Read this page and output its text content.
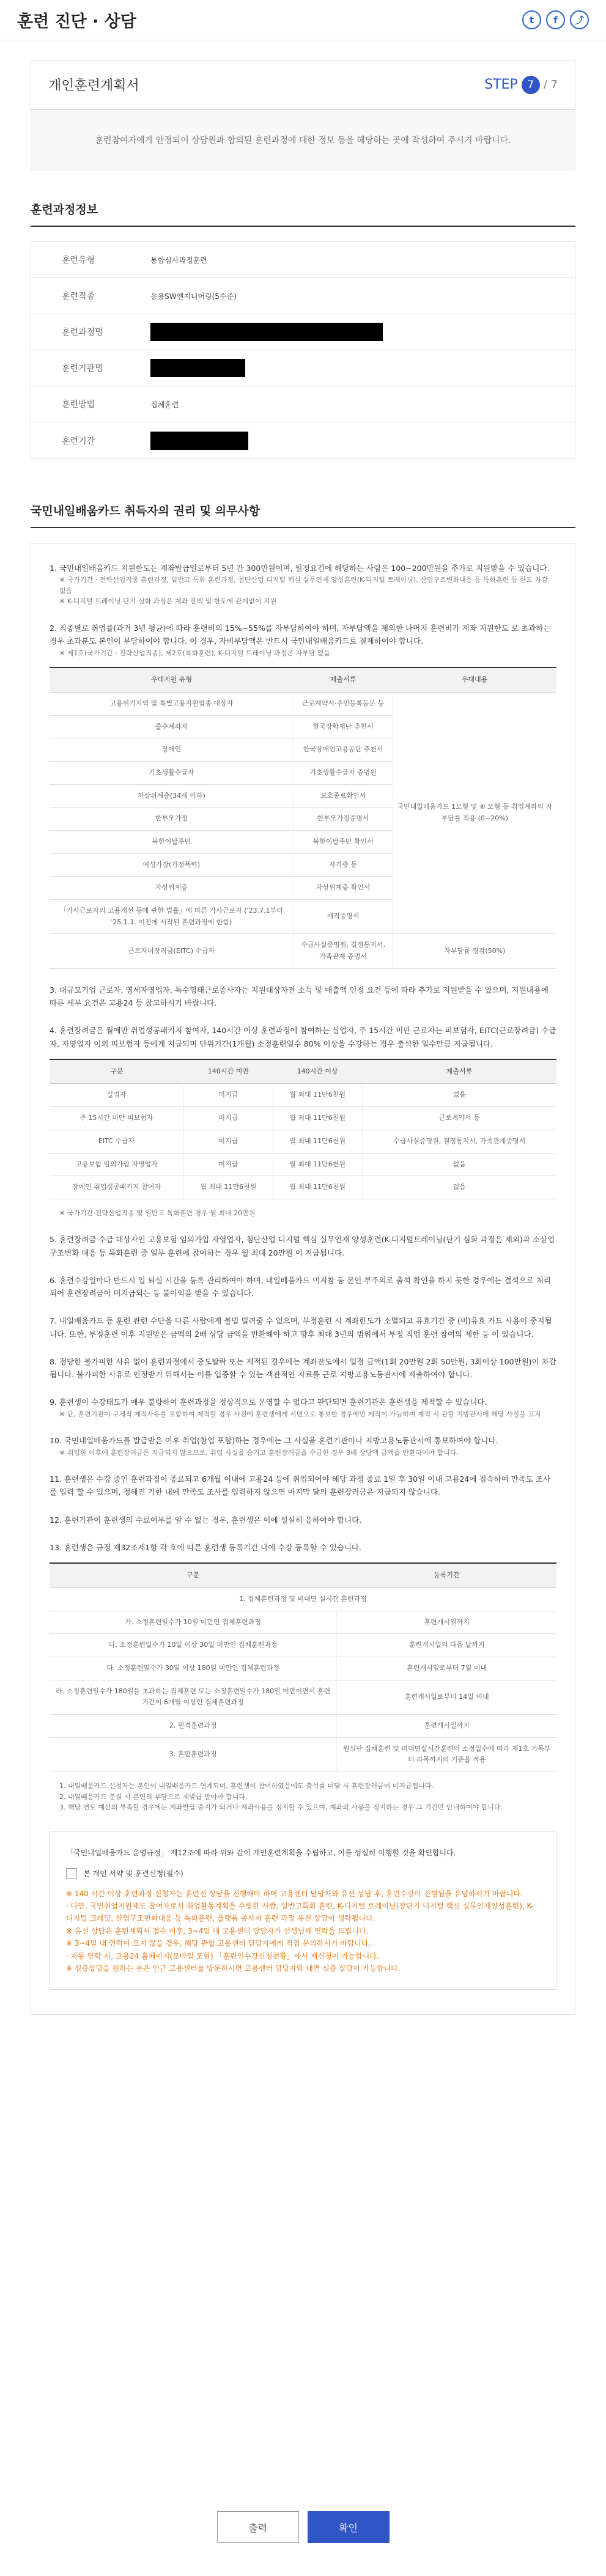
훈련 진단 · 상담	t	f	⤴
개인훈련계획서	STEP 7 / 7
훈련참여자에게 안정되어 상담원과 합의된 훈련과정에 대한 정보 등을 해당하는 곳에 작성하여 주시기 바랍니다.
훈련과정정보
훈련유형	통합심사과정훈련
훈련직종	응용SW엔지니어링(5수준)
훈련과정명
훈련기관명
훈련방법	집체훈련
훈련기간
국민내일배움카드 취득자의 권리 및 의무사항
1. 국민내일배움카드 지원한도는 계좌발급일로부터 5년 간 300만원이며, 일정요건에 해당하는 사람은 100~200만원을 추가로 지원받을 수 있습니다.
※ 국가기간 · 전략산업직종 훈련과정, 일반고 특화 훈련과정, 첨단산업 디지털 핵심 실무인재 양성훈련(K-디지털 트레이닝), 산업구조변화대응 등 특화훈련 등 한도 차감 없음
※ K-디지털 트레이닝 단기 심화 과정은 계좌 잔액 및 한도에 관계없이 지원
2. 직종별로 취업률(과거 3년 평균)에 따라 훈련비의 15%~55%를 자부담하여야 하며, 자부담액을 제외한 나머지 훈련비가 계좌 지원한도 로 초과하는 경우 초과분도 본인이 부담하여야 합니다. 이 경우, 자비부담액은 반드시 국민내일배움카드로 결제하여야 합니다.
※ 제1호(국가기간 · 전략산업직종), 제2호(특화훈련), K-디지털 트레이닝 과정은 자부담 없음
우대지원 유형	제출서류	우대내용
고용위기지역 및 특별고용지원업종 대상자	근로계약서·주민등록등본 등	국민내일배움카드 1모형 및 ④ 모형 등 취업계좌의 자부담률 적용 (0~20%)
졸수계좌자	한국장학재단 추천서	
장애인	한국장애인고용공단 추천서	
기초생활수급자	기초생활수급자 증명원	
차상위계층(34세 이하)	보호종료확인서	
한부모가정	한부모가정증명서	
북한이탈주민	북한이탈주민 확인서	
여성가장(가정폭력)	자격증 등	
자상위계층	자상위계층 확인서	
「가사근로자의 고용개선 등에 관한 법률」에 따른 가사근로자 ('23.7.1부터 '25.1.1. 이전에 시작된 훈련과정에 한함)	재직증명서	
근로자녀장려금(EITC) 수급자	수급사실증명원, 결정통지서, 가족관계 증명서	자부담률 경감(50%)
3. 대규모기업 근로자, 영세자영업자, 특수형태근로종사자는 지원대상자전 소득 및 매출액 인정 요건 등에 따라 추가로 지원받을 수 있으며, 지원내용에 따른 세부 요건은 고용24 등 참고하시기 바랍니다.
4. 훈련장려금은 월에만 취업성공패키지 참여자, 140시간 이상 훈련과정에 참여하는 실업자, 주 15시간 미만 근로자는 피보험자, EITC(근로장려금) 수급자, 자영업자 이외 피보험자 등에게 지급되며 단위기간(1개월) 소정훈련일수 80% 이상을 수강하는 경우 출석한 일수만큼 지급됩니다.
구분	140시간 미만	140시간 이상	제출서류
실업자	미지급	월 최대 11만6천원	없음
주 15시간 미만 피보험자	미지급	월 최대 11만6천원	근로계약서 등
EITC 수급자	미지급	월 최대 11만6천원	수급사실증명원, 결정통지서, 가족관계증명서
고용보험 임의가입 자영업자	미지급	월 최대 11만6천원	없음
장애인 취업성공패키지 참여자	월 최대 11만6천원	월 최대 11만6천원	없음
※ 국가기간·전략산업직종 및 일반고 특화훈련 경우 월 최대 20만원
5. 훈련장려금 수급 대상자인 고용보험 임의가입 자영업자, 첨단산업 디지털 핵심 실무인재 양성훈련(K-디지털트레이닝(단기 심화 과정은 제외)과 소상업구조변화 대응 등 특화훈련 중 일부 훈련에 참여하는 경우 월 최대 20만원 이 지급됩니다.
6. 훈련수강일마다 반드시 입 퇴실 시간을 등록 관리하여야 하며, 내일배움카드 미지참 등 본인 부주의로 출석 확인을 하지 못한 경우에는 결석으로 처리되어 훈련장려금이 미지급되는 등 불이익을 받을 수 있습니다.
7. 내일배움카드 등 훈련 관련 수단을 다른 사람에게 불법 빌려줄 수 없으며, 부정훈련 시 계좌한도가 소멸되고 유효기간 중 (비)유효 카드 사용이 중지됩니다. 또한, 부정훈련 이후 지원받은 금액의 2배 상당 금액을 반환해야 하고 향후 최대 3년의 범위에서 부정 직업 훈련 참여의 제한 등 이 있습니다.
8. 정당한 불가피한 사유 없이 훈련과정에서 중도탈락 또는 제적된 경우에는 계좌잔도에서 일정 금액(1회 20만원 2회 50만원, 3회이상 100만원)이 차감됩니다. 불가피한 사유로 인정받기 위해서는 이를 입증할 수 있는 객관적인 자료를 근로 지방고용노동관서에 제출하여야 합니다.
9. 훈련생이 수강태도가 매우 불량하여 훈련과정을 정상적으로 운영할 수 없다고 판단되면 훈련기관은 훈련생을 제적할 수 있습니다.
※ 단, 훈련기관이 구체적 제적사유를 포함하여 제적할 경우 사전에 훈련생에게 서면으로 통보한 경우에만 제적이 가능하며 제적 시 관할 지방관서에 해당 사실을 고지
10. 국민내일배움카드를 발급받은 이후 취업(창업 포함)하는 경우에는 그 사실을 훈련기관이나 지방고용노동관서에 통보하여야 합니다.
※ 취업한 이후에 훈련장려금은 지급되지 않으므로, 취업 사실을 숨기고 훈련장려금을 수급한 경우 3배 상당액 금액을 반환하여야 합니다.
11. 훈련생은 수강 중인 훈련과정이 종료되고 6개월 이내에 고용24 등에 취업되어야 해당 과정 종료 1일 후 30일 이내 고용24에 접속하여 만족도 조사를 입력 할 수 있으며, 정해진 기한 내에 만족도 조사를 입력하지 않으면 마지막 달의 훈련장려금은 지급되지 않습니다.
12. 훈련기관이 훈련생의 수료여부를 알 수 없는 경우, 훈련생은 이에 성실히 응하여야 합니다.
13. 훈련생은 규정 제32조제1항 각 호에 따른 훈련생 등록기간 내에 수강 등록할 수 있습니다.
구분	등록기간
1. 집체훈련과정 및 비대면 실시간 훈련과정	
가. 소정훈련일수가 10일 미만인 집체훈련과정	훈련개시일까지
나. 소정훈련일수가 10일 이상 30일 미만인 집체훈련과정	훈련개시일의 다음 날까지
다. 소정훈련일수가 30일 이상 180일 미만인 집체훈련과정	훈련개시일로부터 7일 이내
라. 소정훈련일수가 180일을 초과하는 집체훈련 또는 소정훈련일수가 180일 미만이면서 훈련기간이 6개월 이상인 집체훈련과정	훈련개시일로부터 14일 이내
2. 원격훈련과정	훈련개시일까지
3. 혼합훈련과정	원심단 집체훈련 및 비대면실시간훈련의 소정일수에 따라 제1호 가목부터 라목까지의 기준을 적용
1. 내일배움카드 신청자는 본인이 내일배움카드 연계되며, 훈련생이 참여하였음에도 출석률 미달 시 훈련장려금이 미지급됩니다.
2. 내일배움카드 분실 시 본인의 부담으로 재발급 받아야 합니다.
3. 해당 연도 예산의 부족할 경우에는 계좌발급 중지가 되거나 계좌사용을 정지할 수 있으며, 계좌의 사용을 정지하는 경우 그 기간만 안내하여야 합니다.
「국민내일배움카드 운영규정」 제12조에 따라 위와 같이 개인훈련계획을 수립하고, 이를 성실히 이행할 것을 확인합니다.
본 개인 서약 및 훈련신청(필수)
※ 140 시간 이상 훈련과정 신청자는 훈련전 상담을 진행해야 하며 고용센터 담당자와 유선 상담 후, 훈련수강이 진행됨을 유념하시기 바랍니다.
· 다만, 국민취업지원제도 참여자로서 취업활동계획을 수립한 사람, 일반고특화 훈련, K-디지털 트레이닝(장단기 디지털 핵심 실무인재양성훈련), K-디지털 크레딧, 산업구조변화대응 등 특화훈련, 플랫폼 종사자 훈련 과정 유선 상담이 생략됩니다.
※ 유선 상담은 훈련계획서 접수 이후, 3~4일 내 고용센터 담당자가 선생님께 연락을 드립니다.
※ 3~4일 내 연락이 오지 않을 경우, 해당 관할 고용센터 담당자에게 직접 문의하시기 바랍니다.
· 자동 연락 시, 고용24 홈페이지(모바일 포함) 「훈련인수강신청현황」에서 재신청이 가능합니다.
※ 심층상담을 원하는 분은 인근 고용센터를 방문하시면 고용센터 담당자와 대면 심층 상담이 가능합니다.
출력	확인
